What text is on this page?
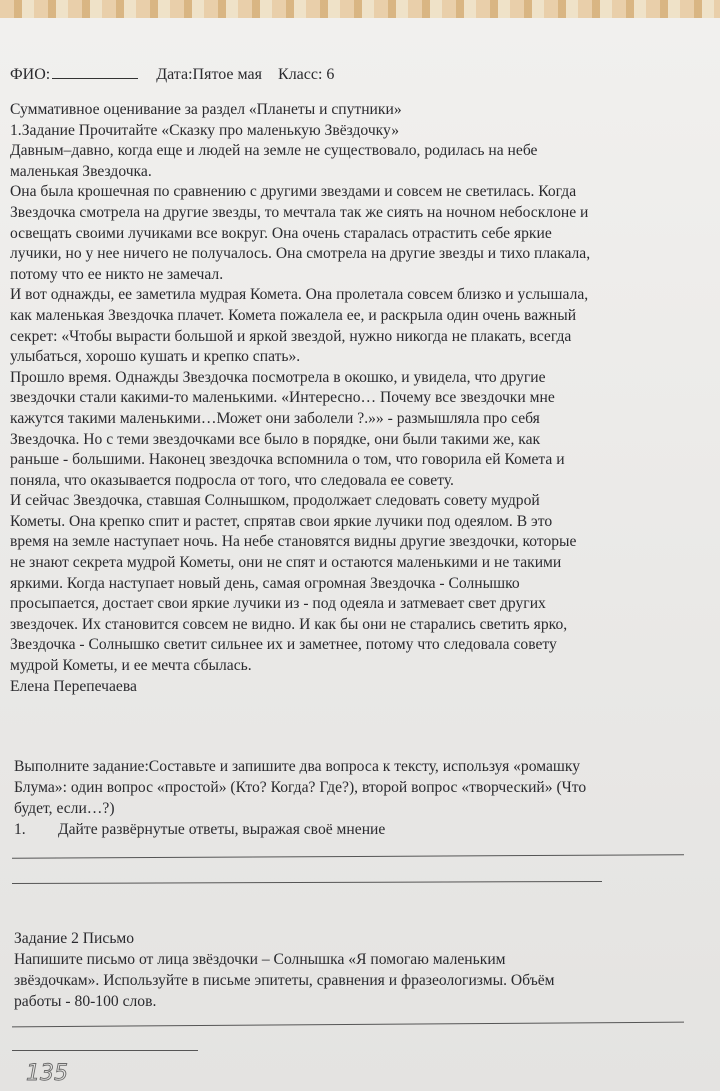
ФИО:	Дата:Пятое мая Класс: 6

Суммативное оценивание за раздел «Планеты и спутники»

1.Задание Прочитайте «Сказку про маленькую Звёздочку»

Давным–давно, когда еще и людей на земле не существовало, родилась на небе

маленькая Звездочка.

Она была крошечная по сравнению с другими звездами и совсем не светилась. Когда

Звездочка смотрела на другие звезды, то мечтала так же сиять на ночном небосклоне и

освещать своими лучиками все вокруг. Она очень старалась отрастить себе яркие

лучики, но у нее ничего не получалось. Она смотрела на другие звезды и тихо плакала,

потому что ее никто не замечал.

И вот однажды, ее заметила мудрая Комета. Она пролетала совсем близко и услышала,

как маленькая Звездочка плачет. Комета пожалела ее, и раскрыла один очень важный

секрет: «Чтобы вырасти большой и яркой звездой, нужно никогда не плакать, всегда

улыбаться, хорошо кушать и крепко спать».

Прошло время. Однажды Звездочка посмотрела в окошко, и увидела, что другие

звездочки стали какими-то маленькими. «Интересно… Почему все звездочки мне

кажутся такими маленькими…Может они заболели ?.»» - размышляла про себя

Звездочка. Но с теми звездочками все было в порядке, они были такими же, как

раньше - большими. Наконец звездочка вспомнила о том, что говорила ей Комета и

поняла, что оказывается подросла от того, что следовала ее совету.

И сейчас Звездочка, ставшая Солнышком, продолжает следовать совету мудрой

Кометы. Она крепко спит и растет, спрятав свои яркие лучики под одеялом. В это

время на земле наступает ночь. На небе становятся видны другие звездочки, которые

не знают секрета мудрой Кометы, они не спят и остаются маленькими и не такими

яркими. Когда наступает новый день, самая огромная Звездочка - Солнышко

просыпается, достает свои яркие лучики из - под одеяла и затмевает свет других

звездочек. Их становится совсем не видно. И как бы они не старались светить ярко,

Звездочка - Солнышко светит сильнее их и заметнее, потому что следовала совету

мудрой Кометы, и ее мечта сбылась.

Елена Перепечаева

Выполните задание:Составьте и запишите два вопроса к тексту, используя «ромашку

Блума»: один вопрос «простой» (Кто? Когда? Где?), второй вопрос «творческий» (Что

будет, если…?)

1. Дайте развёрнутые ответы, выражая своё мнение

Задание 2 Письмо

Напишите письмо от лица звёздочки – Солнышка «Я помогаю маленьким

звёздочкам». Используйте в письме эпитеты, сравнения и фразеологизмы. Объём

работы - 80-100 слов.

135
